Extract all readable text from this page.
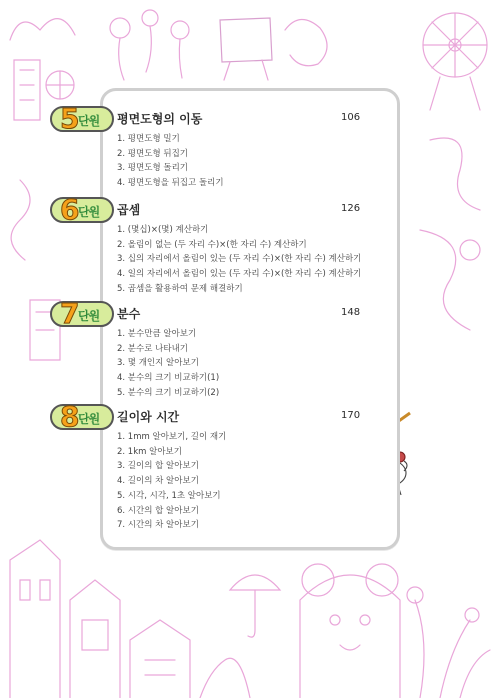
5
단원 평면도형의 이동	106
1. 평면도형 밀기
2. 평면도형 뒤집기
3. 평면도형 돌리기
4. 평면도형을 뒤집고 돌리기
6
단원 곱셈	126
1. (몇십)×(몇) 계산하기
2. 올림이 없는 (두 자리 수)×(한 자리 수) 계산하기
3. 십의 자리에서 올림이 있는 (두 자리 수)×(한 자리 수) 계산하기
4. 일의 자리에서 올림이 있는 (두 자리 수)×(한 자리 수) 계산하기
5. 곱셈을 활용하여 문제 해결하기
7
단원 분수	148
1. 분수만큼 알아보기
2. 분수로 나타내기
3. 몇 개인지 알아보기
4. 분수의 크기 비교하기(1)
5. 분수의 크기 비교하기(2)
8
단원 길이와 시간	170
1. 1mm 알아보기, 길이 재기
2. 1km 알아보기
3. 길이의 합 알아보기
4. 길이의 차 알아보기
5. 시각, 시각, 1초 알아보기
6. 시간의 합 알아보기
7. 시간의 차 알아보기
